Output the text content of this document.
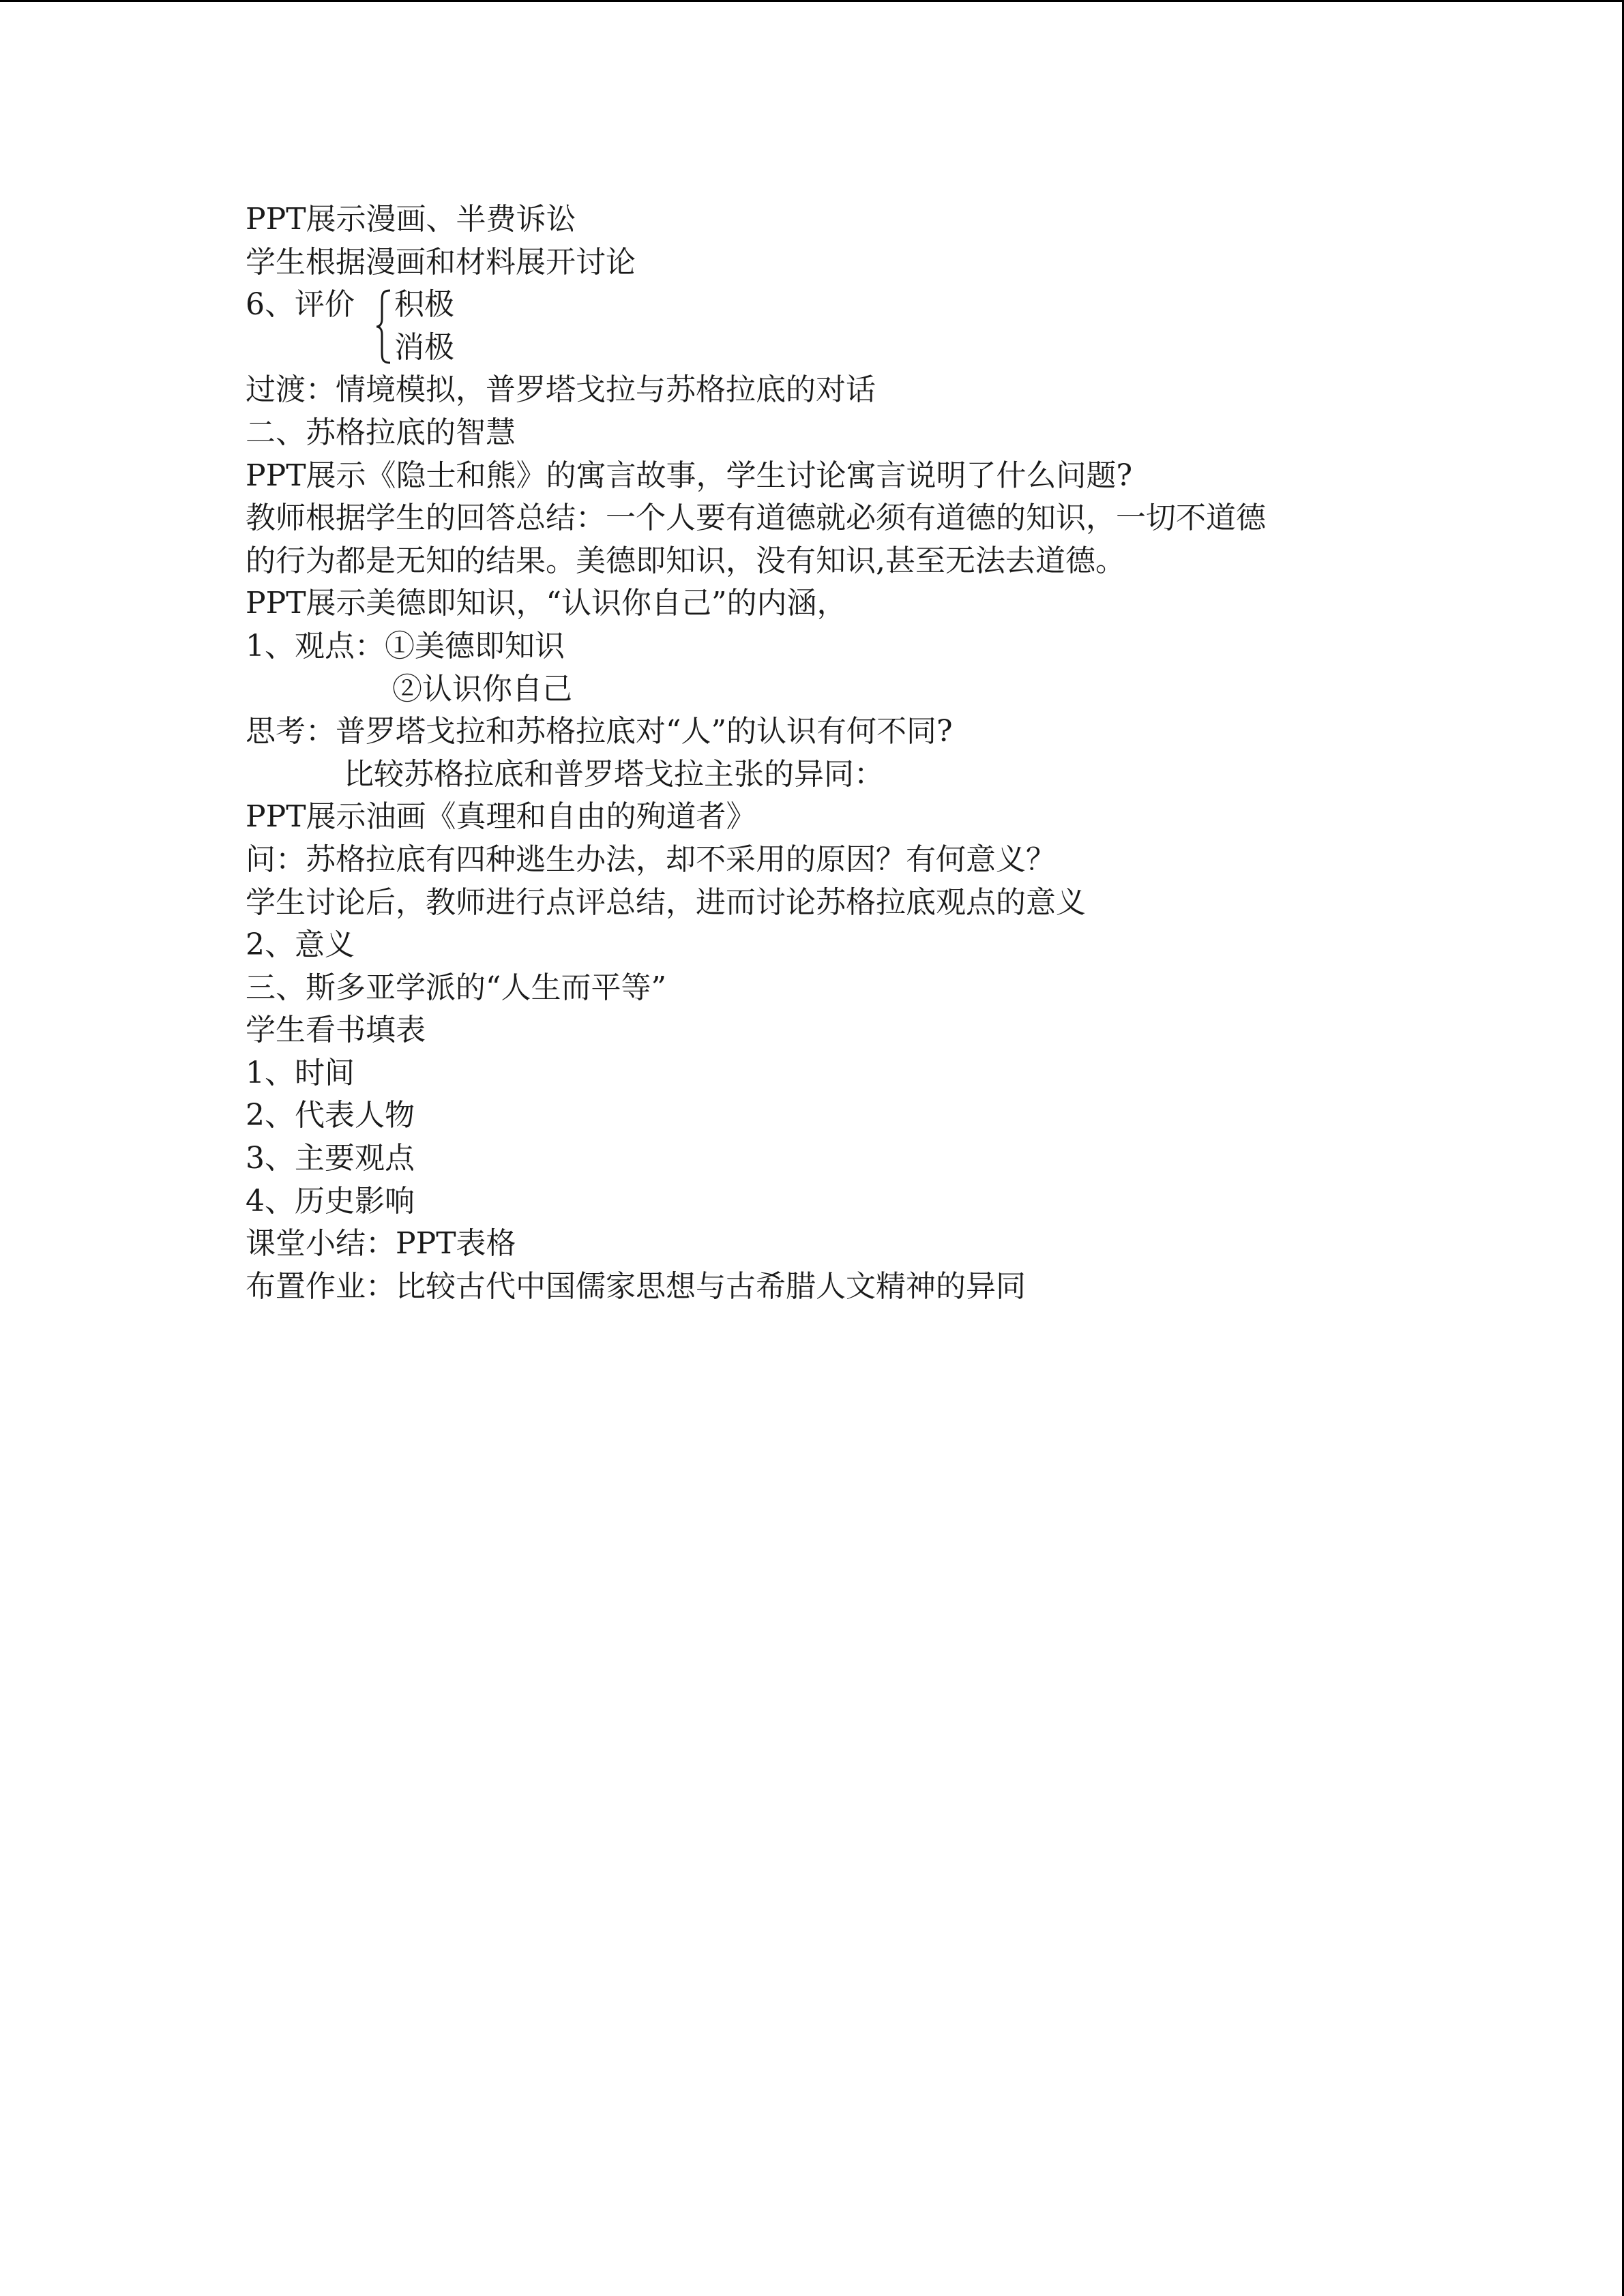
PPT展示漫画、半费诉讼
学生根据漫画和材料展开讨论
6、评价 积极
消极
过渡：情境模拟，普罗塔戈拉与苏格拉底的对话
二、苏格拉底的智慧
PPT展示《隐士和熊》的寓言故事，学生讨论寓言说明了什么问题?
教师根据学生的回答总结：一个人要有道德就必须有道德的知识，一切不道德
的行为都是无知的结果。美德即知识，没有知识,甚至无法去道德。
PPT展示美德即知识，“认识你自己”的内涵，
1、观点：①美德即知识
②认识你自己
思考：普罗塔戈拉和苏格拉底对“人”的认识有何不同?
比较苏格拉底和普罗塔戈拉主张的异同：
PPT展示油画《真理和自由的殉道者》
问：苏格拉底有四种逃生办法，却不采用的原因？有何意义？
学生讨论后，教师进行点评总结，进而讨论苏格拉底观点的意义
2、意义
三、斯多亚学派的“人生而平等”
学生看书填表
1、时间
2、代表人物
3、主要观点
4、历史影响
课堂小结：PPT表格
布置作业：比较古代中国儒家思想与古希腊人文精神的异同
